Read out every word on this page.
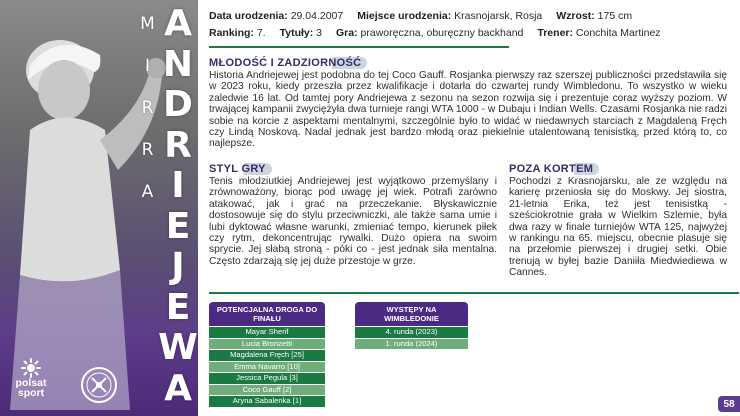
M
I
R
R
A
A
N
D
R
I
E
J
E
W
A
polsat
sport
Data urodzenia: 29.04.2007 Miejsce urodzenia: Krasnojarsk, Rosja Wzrost: 175 cm
Ranking: 7. Tytuły: 3 Gra: praworęczna, oburęczny backhand Trener: Conchita Martinez
MŁODOŚĆ I ZADZIORNOŚĆ

Historia Andriejewej jest podobna do tej Coco Gauff. Rosjanka pierwszy raz szerszej publiczności przedstawiła się w 2023 roku, kiedy przeszła przez kwalifikacje i dotarła do czwartej rundy Wimbledonu. To wszystko w wieku zaledwie 16 lat. Od tamtej pory Andriejewa z sezonu na sezon rozwija się i prezentuje coraz wyższy poziom. W trwającej kampanii zwyciężyła dwa turnieje rangi WTA 1000 - w Dubaju i Indian Wells. Czasami Rosjanka nie radzi sobie na korcie z aspektami mentalnymi, szczególnie było to widać w niedawnych starciach z Magdaleną Fręch czy Lindą Noskovą. Nadal jednak jest bardzo młodą oraz piekielnie utalentowaną tenisistką, przed którą to, co najlepsze.

STYL GRY

Tenis młodziutkiej Andriejewej jest wyjątkowo przemyślany i zrównoważony, biorąc pod uwagę jej wiek. Potrafi zarówno atakować, jak i grać na przeczekanie. Błyskawicznie dostosowuje się do stylu przeciwniczki, ale także sama umie i lubi dyktować własne warunki, zmieniać tempo, kierunek piłek czy rytm, dekoncentrując rywalki. Dużo opiera na swoim sprycie. Jej słabą stroną - póki co - jest jednak siła mentalna. Często zdarzają się jej duże przestoje w grze.

POZA KORTEM

Pochodzi z Krasnojarsku, ale ze względu na karierę przeniosła się do Moskwy. Jej siostra, 21-letnia Erika, też jest tenisistką - sześciokrotnie grała w Wielkim Szlemie, była dwa razy w finale turniejów WTA 125, najwyżej w rankingu na 65. miejscu, obecnie plasuje się na przełomie pierwszej i drugiej setki. Obie trenują w byłej bazie Daniiła Miedwiediewa w Cannes.

POTENCJALNA DROGA DO FINAŁU
Mayar Sherif
Lucia Bronzetti
Magdalena Fręch [25]
Emma Navarro [10]
Jessica Pegula [3]
Coco Gauff [2]
Aryna Sabalenka [1]
WYSTĘPY NA WIMBLEDONIE
4. runda (2023)
1. runda (2024)
58
